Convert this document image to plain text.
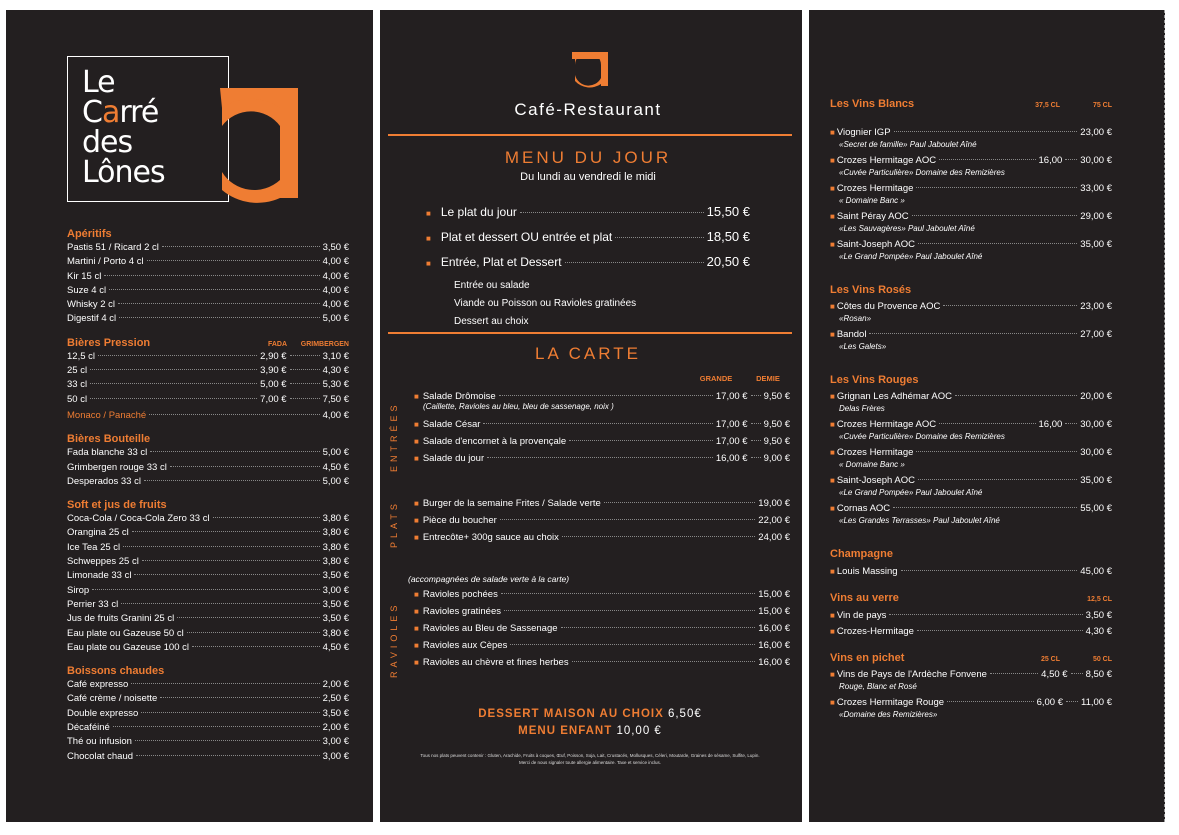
Le
Carré
des
Lônes
Apéritifs
Pastis 51 / Ricard 2 cl	3,50 €
Martini / Porto 4 cl	4,00 €
Kir 15 cl	4,00 €
Suze 4 cl	4,00 €
Whisky 2 cl	4,00 €
Digestif 4 cl	5,00 €
Bières Pression	FADA	GRIMBERGEN
12,5 cl	2,90 €	3,10 €
25 cl	3,90 €	4,30 €
33 cl	5,00 €	5,30 €
50 cl	7,00 €	7,50 €
Monaco / Panaché	4,00 €
Bières Bouteille
Fada blanche 33 cl	5,00 €
Grimbergen rouge 33 cl	4,50 €
Desperados 33 cl	5,00 €
Soft et jus de fruits
Coca-Cola / Coca-Cola Zero 33 cl	3,80 €
Orangina 25 cl	3,80 €
Ice Tea 25 cl	3,80 €
Schweppes 25 cl	3,80 €
Limonade 33 cl	3,50 €
Sirop	3,00 €
Perrier 33 cl	3,50 €
Jus de fruits Granini 25 cl	3,50 €
Eau plate ou Gazeuse 50 cl	3,80 €
Eau plate ou Gazeuse 100 cl	4,50 €
Boissons chaudes
Café expresso	2,00 €
Café crème / noisette	2,50 €
Double expresso	3,50 €
Décaféiné	2,00 €
Thé ou infusion	3,00 €
Chocolat chaud	3,00 €
Café-Restaurant
MENU DU JOUR
Du lundi au vendredi le midi
■ Le plat du jour	15,50 €
■ Plat et dessert OU entrée et plat	18,50 €
■ Entrée, Plat et Dessert	20,50 €
Entrée ou salade
Viande ou Poisson ou Ravioles gratinées
Dessert au choix
LA CARTE
GRANDE	DEMIE
ENTRÉES
■ Salade Drômoise	17,00 € 9,50 €
(Caillette, Ravioles au bleu, bleu de sassenage, noix )
■ Salade César	17,00 € 9,50 €
■ Salade d'encornet à la provençale	17,00 € 9,50 €
■ Salade du jour	16,00 € 9,00 €
PLATS ■ Burger de la semaine Frites / Salade verte	19,00 €
■ Pièce du boucher	22,00 €
■ Entrecôte+ 300g sauce au choix	24,00 €
RAVIOLES
(accompagnées de salade verte à la carte)
■ Ravioles pochées	15,00 €
■ Ravioles gratinées	15,00 €
■ Ravioles au Bleu de Sassenage	16,00 €
■ Ravioles aux Cèpes	16,00 €
■ Ravioles au chèvre et fines herbes	16,00 €
DESSERT MAISON AU CHOIX 6,50€
MENU ENFANT 10,00 €
Tous nos plats peuvent contenir : Gluten, Arachide, Fruits à coques, Œuf, Poisson, Soja, Lait, Crustacés, Mollusques, Céleri, Moutarde, Graines de sésame, Sulfite, Lupin.
Merci de nous signaler toute allergie alimentaire. Taxe et service inclus.
Les Vins Blancs	37,5 CL	75 CL
■ Viognier IGP	23,00 €
«Secret de famille» Paul Jaboulet Aîné
■ Crozes Hermitage AOC	16,00 30,00 €
«Cuvée Particulière» Domaine des Remizières
■ Crozes Hermitage	33,00 €
« Domaine Banc »
■ Saint Péray AOC	29,00 €
«Les Sauvagères» Paul Jaboulet Aîné
■ Saint-Joseph AOC	35,00 €
«Le Grand Pompée» Paul Jaboulet Aîné
Les Vins Rosés
■ Côtes du Provence AOC	23,00 €
«Rosan»
■ Bandol	27,00 €
«Les Galets»
Les Vins Rouges
■ Grignan Les Adhémar AOC	20,00 €
Delas Frères
■ Crozes Hermitage AOC	16,00 30,00 €
«Cuvée Particulière» Domaine des Remizières
■ Crozes Hermitage	30,00 €
« Domaine Banc »
■ Saint-Joseph AOC	35,00 €
«Le Grand Pompée» Paul Jaboulet Aîné
■ Cornas AOC	55,00 €
«Les Grandes Terrasses» Paul Jaboulet Aîné
Champagne
■ Louis Massing	45,00 €
Vins au verre	12,5 CL
■ Vin de pays	3,50 €
■ Crozes-Hermitage	4,30 €
Vins en pichet	25 CL	50 CL
■ Vins de Pays de l'Ardèche Fonvene	4,50 € 8,50 €
Rouge, Blanc et Rosé
■ Crozes Hermitage Rouge	6,00 € 11,00 €
«Domaine des Remizières»
